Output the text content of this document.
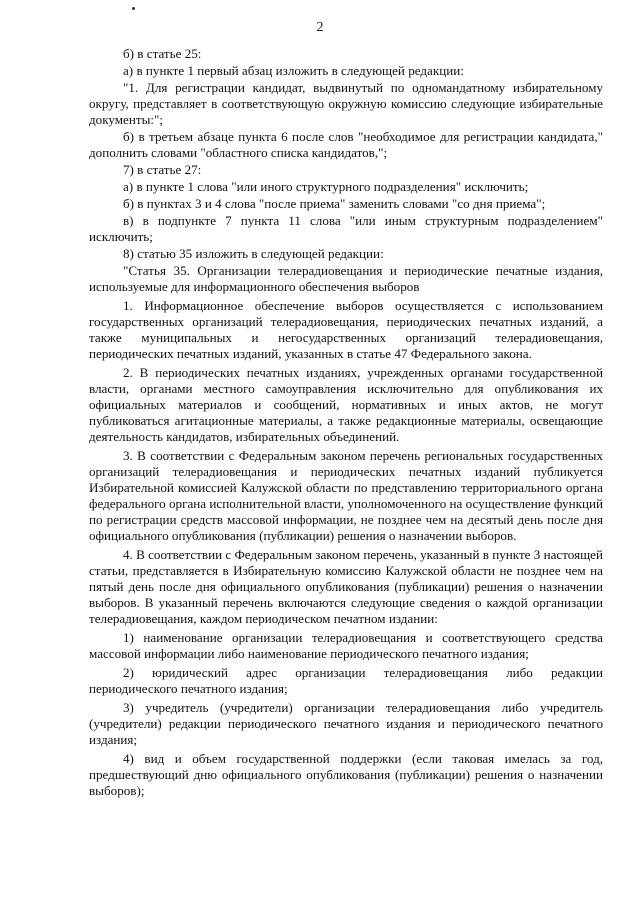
2

б) в статье 25:

а) в пункте 1 первый абзац изложить в следующей редакции:

"1. Для регистрации кандидат, выдвинутый по одномандатному избирательному округу, представляет в соответствующую окружную комиссию следующие избирательные документы:";

б) в третьем абзаце пункта 6 после слов "необходимое для регистрации кандидата," дополнить словами "областного списка кандидатов,";

7) в статье 27:

а) в пункте 1 слова "или иного структурного подразделения" исключить;

б) в пунктах 3 и 4 слова "после приема" заменить словами "со дня приема";

в) в подпункте 7 пункта 11 слова "или иным структурным подразделением" исключить;

8) статью 35 изложить в следующей редакции:

"Статья 35. Организации телерадиовещания и периодические печатные издания, используемые для информационного обеспечения выборов

1. Информационное обеспечение выборов осуществляется с использованием государственных организаций телерадиовещания, периодических печатных изданий, а также муниципальных и негосударственных организаций телерадиовещания, периодических печатных изданий, указанных в статье 47 Федерального закона.

2. В периодических печатных изданиях, учрежденных органами государственной власти, органами местного самоуправления исключительно для опубликования их официальных материалов и сообщений, нормативных и иных актов, не могут публиковаться агитационные материалы, а также редакционные материалы, освещающие деятельность кандидатов, избирательных объединений.

3. В соответствии с Федеральным законом перечень региональных государственных организаций телерадиовещания и периодических печатных изданий публикуется Избирательной комиссией Калужской области по представлению территориального органа федерального органа исполнительной власти, уполномоченного на осуществление функций по регистрации средств массовой информации, не позднее чем на десятый день после дня официального опубликования (публикации) решения о назначении выборов.

4. В соответствии с Федеральным законом перечень, указанный в пункте 3 настоящей статьи, представляется в Избирательную комиссию Калужской области не позднее чем на пятый день после дня официального опубликования (публикации) решения о назначении выборов. В указанный перечень включаются следующие сведения о каждой организации телерадиовещания, каждом периодическом печатном издании:

1) наименование организации телерадиовещания и соответствующего средства массовой информации либо наименование периодического печатного издания;

2) юридический адрес организации телерадиовещания либо редакции периодического печатного издания;

3) учредитель (учредители) организации телерадиовещания либо учредитель (учредители) редакции периодического печатного издания и периодического печатного издания;

4) вид и объем государственной поддержки (если таковая имелась за год, предшествующий дню официального опубликования (публикации) решения о назначении выборов);
